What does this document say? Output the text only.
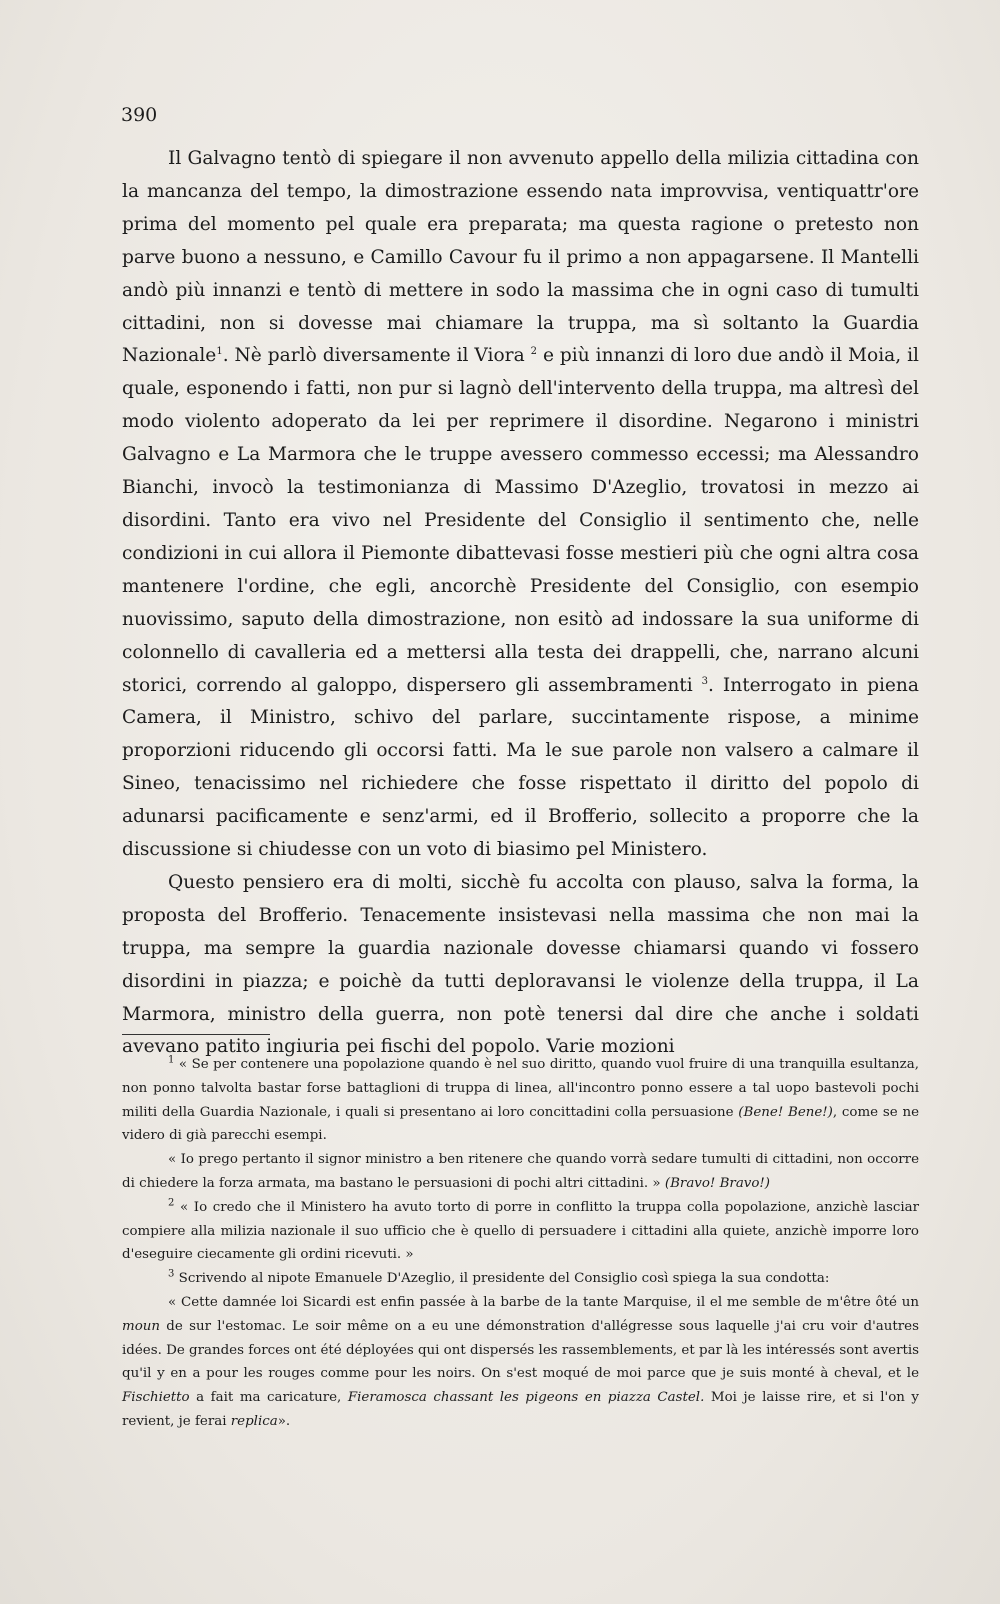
390

Il Galvagno tentò di spiegare il non avvenuto appello della milizia cittadina con la mancanza del tempo, la dimostrazione essendo nata improvvisa, ventiquattr'ore prima del momento pel quale era preparata; ma questa ragione o pretesto non parve buono a nessuno, e Camillo Cavour fu il primo a non appagarsene. Il Mantelli andò più innanzi e tentò di mettere in sodo la massima che in ogni caso di tumulti cittadini, non si dovesse mai chiamare la truppa, ma sì soltanto la Guardia Nazionale$^1$. Nè parlò diversamente il Viora $^2$ e più innanzi di loro due andò il Moia, il quale, esponendo i fatti, non pur si lagnò dell'intervento della truppa, ma altresì del modo violento adoperato da lei per reprimere il disordine. Negarono i ministri Galvagno e La Marmora che le truppe avessero commesso eccessi; ma Alessandro Bianchi, invocò la testimonianza di Massimo D'Azeglio, trovatosi in mezzo ai disordini. Tanto era vivo nel Presidente del Consiglio il sentimento che, nelle condizioni in cui allora il Piemonte dibattevasi fosse mestieri più che ogni altra cosa mantenere l'ordine, che egli, ancorchè Presidente del Consiglio, con esempio nuovissimo, saputo della dimostrazione, non esitò ad indossare la sua uniforme di colonnello di cavalleria ed a mettersi alla testa dei drappelli, che, narrano alcuni storici, correndo al galoppo, dispersero gli assembramenti $^3$. Interrogato in piena Camera, il Ministro, schivo del parlare, succintamente rispose, a minime proporzioni riducendo gli occorsi fatti. Ma le sue parole non valsero a calmare il Sineo, tenacissimo nel richiedere che fosse rispettato il diritto del popolo di adunarsi pacificamente e senz'armi, ed il Brofferio, sollecito a proporre che la discussione si chiudesse con un voto di biasimo pel Ministero.

Questo pensiero era di molti, sicchè fu accolta con plauso, salva la forma, la proposta del Brofferio. Tenacemente insistevasi nella massima che non mai la truppa, ma sempre la guardia nazionale dovesse chiamarsi quando vi fossero disordini in piazza; e poichè da tutti deploravansi le violenze della truppa, il La Marmora, ministro della guerra, non potè tenersi dal dire che anche i soldati avevano patito ingiuria pei fischi del popolo. Varie mozioni

$^1$ « Se per contenere una popolazione quando è nel suo diritto, quando vuol fruire di una tranquilla esultanza, non ponno talvolta bastar forse battaglioni di truppa di linea, all'incontro ponno essere a tal uopo bastevoli pochi militi della Guardia Nazionale, i quali si presentano ai loro concittadini colla persuasione (Bene! Bene!), come se ne videro di già parecchi esempi.

« Io prego pertanto il signor ministro a ben ritenere che quando vorrà sedare tumulti di cittadini, non occorre di chiedere la forza armata, ma bastano le persuasioni di pochi altri cittadini. » (Bravo! Bravo!)

$^2$ « Io credo che il Ministero ha avuto torto di porre in conflitto la truppa colla popolazione, anzichè lasciar compiere alla milizia nazionale il suo ufficio che è quello di persuadere i cittadini alla quiete, anzichè imporre loro d'eseguire ciecamente gli ordini ricevuti. »

$^3$ Scrivendo al nipote Emanuele D'Azeglio, il presidente del Consiglio così spiega la sua condotta:

« Cette damnée loi Sicardi est enfin passée à la barbe de la tante Marquise, il el me semble de m'être ôté un moun de sur l'estomac. Le soir même on a eu une démonstration d'allégresse sous laquelle j'ai cru voir d'autres idées. De grandes forces ont été déployées qui ont dispersés les rassemblements, et par là les intéressés sont avertis qu'il y en a pour les rouges comme pour les noirs. On s'est moqué de moi parce que je suis monté à cheval, et le Fischietto a fait ma caricature, Fieramosca chassant les pigeons en piazza Castel. Moi je laisse rire, et si l'on y revient, je ferai replica».
